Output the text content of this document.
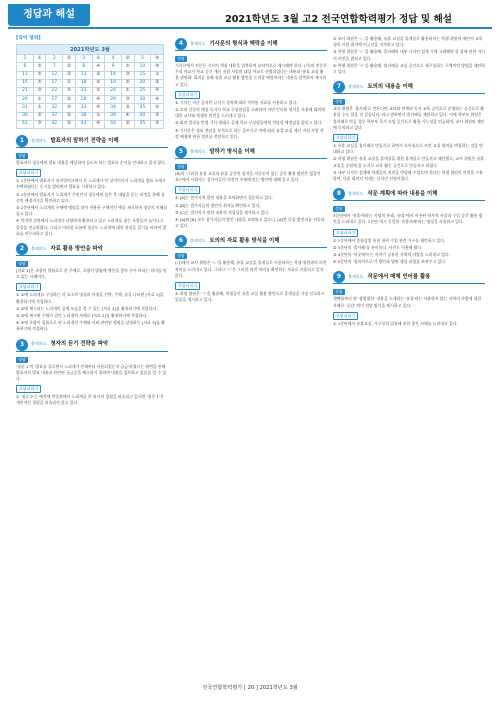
정답과 해설	2021학년도 3월 고2 전국연합학력평가 정답 및 해설
[국어 영역]
2021학년도 3월									
1	①	2	②	3	①	4	②	5	④
6	⑤	7	②	8	④	9	⑤	10	④
11	⑤	12	③	13	②	14	③	15	①
16	⑤	17	①	18	⑤	19	⑤	20	③
21	③	22	⑤	23	①	24	①	25	④
26	①	27	②	28	④	29	③	30	④
31	①	32	③	33	④	34	②	35	⑤
36	⑤	37	②	38	①	39	④	40	③
41	③	42	②	43	④	44	②	45	③
1	출제의도 발표자의 말하기 전략을 이해
정답

발표자가 청중에게 발표 내용을 예상하여 들도록 하는 발표의 순서를 안내하고 있지 않다.

오답피하기

① 1문단에서 발표자가 뮤지엄이크에서 본 노리개가 만 상적이어서 노리개를 발표 소재로 선택하였다는 동기를 밝히면서 발표를 시작하고 있다.

② 1문단에서 발표자가 노리개가 무엇인지 청중에게 물은 후 대답을 듣는 과정을 통해 청중의 배경지식을 확인하고 있다.

③ 2문단에서 노리개의 주체에 맹원을 달아 착용한 구체적인 예를 제시하며 청중의 이해를 돕고 있다.

④ 박지막 문단에서 노리개가 다양하게 활용되고 있고 노리개를 찾는 사람들이 늘어나고 있음을 언급하였다. 그리고 이러한 흐름에 청중도 노리개에 대한 관심을 갖기를 바라며 발표를 마무리하고 있다.

2	출제의도 자료 활용 방안을 파악
정답

[자료 1]은 초랑이 발툼으로 한 주체로, 초랑이 발툼에 맹은을 좋아 주어 바라는 의미를 담고 있는 사례이다.

오답피하기

① ①에 노리개를 구성하는 각 요소의 명칭과 특징을 간략, 주체, 술을 나타낸 [자료 1]을 활용하기에 적절하다.

② ②에 제시되는 노리개의 실제 모습을 볼 수 있는 [자료 2]를 활용하기에 적절하다.

③ ③에 제시된 주체가 걸린 노리개의 사례로 [자료 2]를 활용하기에 적절하다.

④ ④에 초랑이 빌툼으로 된 노리개의 주체와 이와 관련된 쟁점을 설명하는 [자료 3]를 활용하기에 적절하다.

3	출제의도 청자의 듣기 전략을 파악
정답

'청중 1'의 '발표를 들으면서 노리개가 언제부터 사용되었는지 궁금'하였다는 답변을 통해 발표자가 발표 내용과 관련된 궁금증을 해소하기 위하여 내용을 검토하고 있음을 알 수 있다.

오답피하기

① '청중 2'는 예전에 박물관에서 노리개를 본 과거의 경험을 떠올리고 있지만 '청중 1'은 개인적인 경험을 떠올리지 않고 있다.

4	출제의도 기사문의 형식과 맥락을 이해
정답

기사문에서 전문은 기사의 핵심 내용을 압축하여 요약적으로 제시해야 한다. (가)의 전문은 우리 학교가 학교 공간 개선 지원 사업의 대상 학교로 선정되었다는 내용과 '유휴 교실 활용 위원회' 회의를 통해 유휴 교실 활용 방안을 논의할 예정이라는 내용을 압축하여 제시하고 있다.

오답피하기

① 기자는 지난 공지인 급식기 설치에 따라 적지된 자료를 사용하고 있다.

② 교내 신문의 예상 독자가 학교 구성원임을 고려하여 지면 인터뷰 형식을 사용해 회의에 대한 교사와 학생의 의견을 드러내고 있다.

③ 회의 결과를 반영 기사 형태로 실제 학교 구성원들에게 전달할 예정임을 밝히고 있다.

④ 기사문은 정보 전달을 목적으로 하는 글쓰기로 이에 따라 유휴 교실 개선 지원 사업 선정 배경에 관한 정보를 전달하고 있다.

5	출제의도 말하기 방식을 이해
정답

(B)의 '그러한 유휴 교실과 유휴 공간의 성격을 이루듯이 있는 공간 활용 방안은 없을까요?'에서 사회자는 참가자들의 의견이 주제에 맞는 방안에 대해 묻고 있다.

오답피하기

① [A]는 참가자의 발언 내용을 요약하면서 질문하고 있다.

② [B]는 참가자들의 방안의 취지를 확인하고 있다.

③ [C]는 참가자가 말한 내용의 적절성을 평가하고 있다.

④ [A]와 [B] 모두 참가자들의 발언 내용을 요약하고 있으나, [A]만 다음 발언자를 지목하고 있다.

6	출제의도 토의의 자료 활용 방식을 이해
정답

(나)에서 교사 위원은 'ㄴ'을 활용해, 유휴 교실을 휴게실로 이용하자는 학생 위원과의 의견 차이를 드러내고 있다. 그러나 'ㄷ'은 그러한 의견 차이를 확인하는 자료로 사용되고 있지 않다.

오답피하기

① 학생 위원은 'ㄱ'을 활용해, 학생들이 유휴 교실 활용 방안으로 휴게실을 가장 선호하고 있음을 제시하고 있다.

② 교사 위원은 'ㄴ'을 활용해, 유휴 교실을 휴게실로 활용하자는 학생 위원의 제안이 교육청의 사업 취지에 어긋남을 지적하고 있다.

③ 학생 위원은 'ㄷ'을 활용해, 휴카페의 내부 디자인 설계 시에 고려해야 할 점에 관한 자신의 의견을 밝히고 있다.

④ 학생 위원은 'ㄹ'을 활용해, 휴카페를 교실 공간으로 재구성하는 구체적인 방법을 제안하고 있다.

7	출제의도 토의의 내용을 이해
정답

교사 위원은 '휴카페'로 만든다면 교과와 연계된 독서 교육 공간으로 운영하는 공간으로 활용할 수도 있을 것 같습니다.'라고 말하면서 휴카페를 제안하고 있다. 이에 학부모 위원은 휴카페로 만들 경우 학부모 독서 모임 공간으로 활용 가능성을 언급하며, 교사 위원의 제안에 동의하고 있다.

오답피하기

① 유휴 교실을 휴카페로 만들기로 하면서 오아청으로 쓰던 교실 위치를 변경하는 것을 반대하고 있다.

② 학생 위원은 유휴 교실을 휴게실을 위한 휴게실로 만들자고 제안했고, 교사 위원은 유휴 교실을 공원에 쓸 도서로 교육 활동 공간으로 만들자고 하였다.

③ 내부 디자인 설계에 학생들의 의견을 반영해 주었으면 한다는 학생 위원의 의견을 수용하여, 다음 회의의 의제는 디자인 선정이었다.

8	출제의도 작문 계획에 따라 내용을 이해
정답

5문단에서 '유휴카페'는 지명의 유래, '유휴'에서 비롯된 역사적 사실과 수업 공간 활용 방안을 드러내고 있다. 2문단 역시 동일한 '유휴카페'라는 명칭을 사용하고 있다.

오답피하기

① 1문단에서 종합상업 통한 내력 수업 관련 가구를 제안하고 있다.

② 3문단의 '휴카페'를 흥미롭다, 사진도 이용해 왔다.

③ 4문단의 '이곳에서'는 이야기 공유한 지역의 자랑을 드러내고 있다.

④ 5문단의 '결과적으로'가 방안과 발판 생성 과정을 보여주고 있다.

9	출제의도 작문에서 매체 언어를 활용
정답

셋쨋줄부터 정 '광범위한' 내용을 소개하는 '유휴'라는 사용하지 않는 지역의 자랑에 대한 사례로 '공감' 의미 전달 방식을 제시하고 있다.

오답피하기

① 1문단에서 유휴교실, 가구물의 일과에 관한 좋은 사례를 드러내고 있다.

전국연합학력평가 [ 20 ] 2021학년도 3월
